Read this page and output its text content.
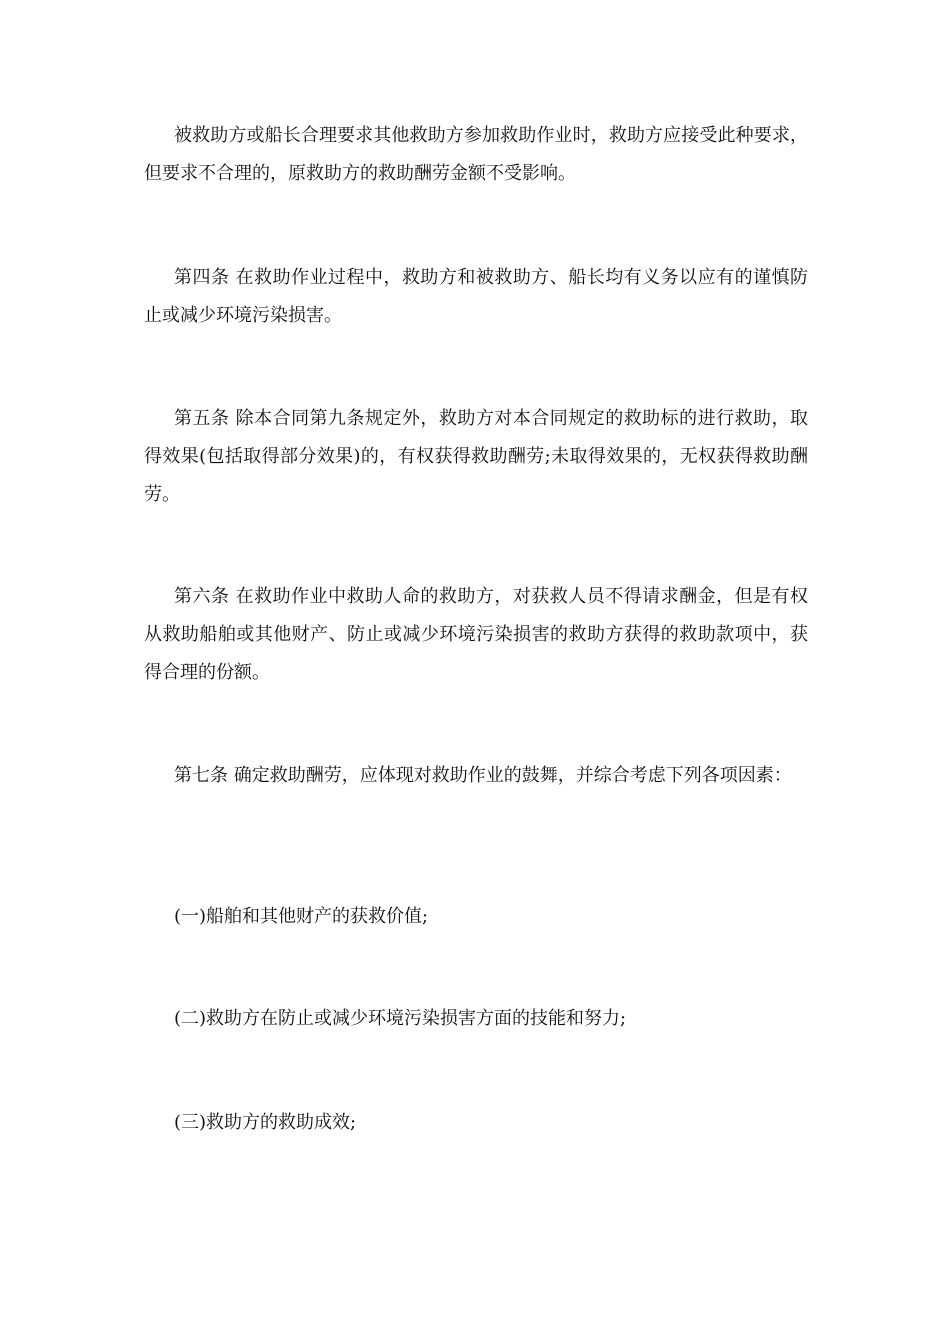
被救助方或船长合理要求其他救助方参加救助作业时，救助方应接受此种要求，但要求不合理的，原救助方的救助酬劳金额不受影响。

第四条 在救助作业过程中，救助方和被救助方、船长均有义务以应有的谨慎防止或减少环境污染损害。

第五条 除本合同第九条规定外，救助方对本合同规定的救助标的进行救助，取得效果(包括取得部分效果)的，有权获得救助酬劳;未取得效果的，无权获得救助酬劳。

第六条 在救助作业中救助人命的救助方，对获救人员不得请求酬金，但是有权从救助船舶或其他财产、防止或减少环境污染损害的救助方获得的救助款项中，获得合理的份额。

第七条 确定救助酬劳，应体现对救助作业的鼓舞，并综合考虑下列各项因素：

(一)船舶和其他财产的获救价值;

(二)救助方在防止或减少环境污染损害方面的技能和努力;

(三)救助方的救助成效;
